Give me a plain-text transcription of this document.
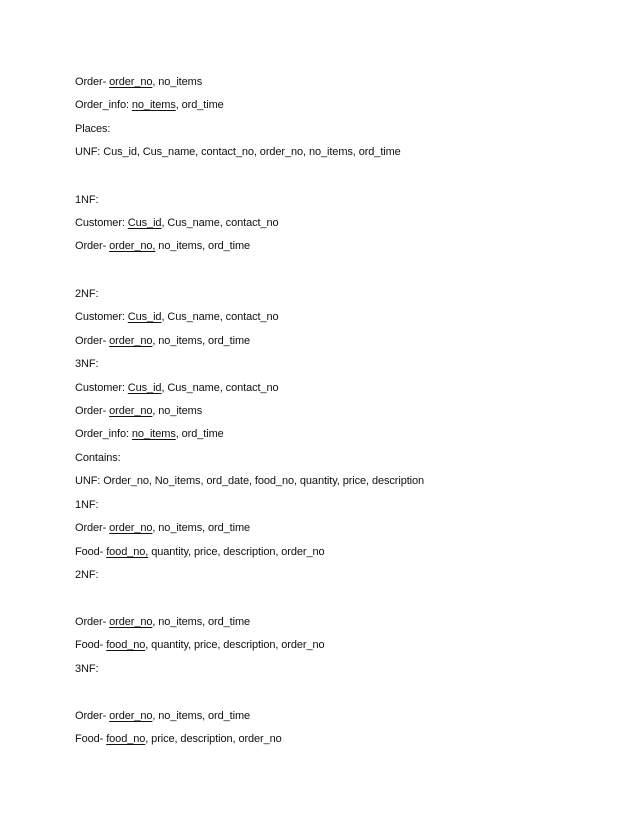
Order- order_no, no_items
Order_info: no_items, ord_time
Places:
UNF: Cus_id, Cus_name, contact_no, order_no, no_items, ord_time
1NF:
Customer: Cus_id, Cus_name, contact_no
Order- order_no, no_items, ord_time
2NF:
Customer: Cus_id, Cus_name, contact_no
Order- order_no, no_items, ord_time
3NF:
Customer: Cus_id, Cus_name, contact_no
Order- order_no, no_items
Order_info: no_items, ord_time
Contains:
UNF: Order_no, No_items, ord_date, food_no, quantity, price, description
1NF:
Order- order_no, no_items, ord_time
Food- food_no, quantity, price, description, order_no
2NF:
Order- order_no, no_items, ord_time
Food- food_no, quantity, price, description, order_no
3NF:
Order- order_no, no_items, ord_time
Food- food_no, price, description, order_no
